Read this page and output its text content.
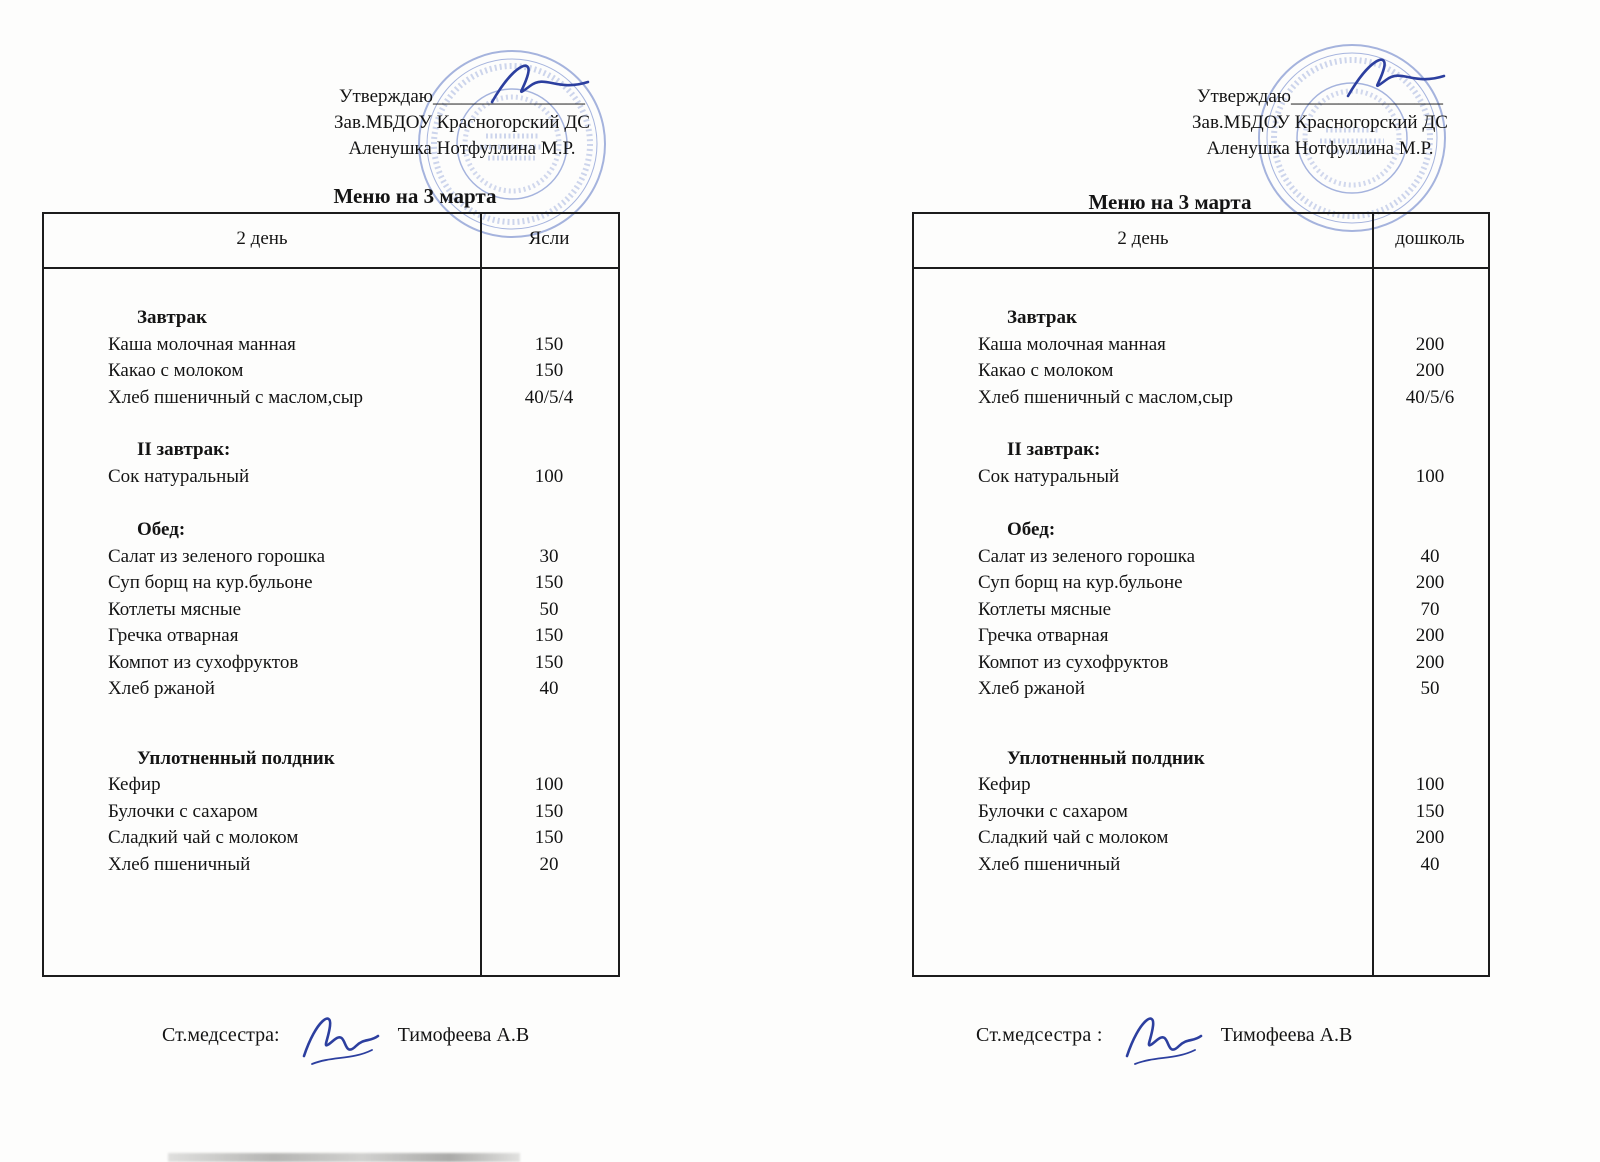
Утверждаю________________
Зав.МБДОУ Красногорский ДС
Аленушка Нотфуллина М.Р.
Меню на 3 марта
2 день	Ясли
Завтрак
Каша молочная манная	150
Какао с молоком	150
Хлеб пшеничный с маслом,сыр	40/5/4
II завтрак:
Сок натуральный	100
Обед:
Салат из зеленого горошка	30
Суп борщ на кур.бульоне	150
Котлеты мясные	50
Гречка отварная	150
Компот из сухофруктов	150
Хлеб ржаной	40
Уплотненный полдник
Кефир	100
Булочки с сахаром	150
Сладкий чай с молоком	150
Хлеб пшеничный	20
Ст.медсестра:	Тимофеева А.В
Утверждаю________________
Зав.МБДОУ Красногорский ДС
Аленушка Нотфуллина М.Р.
Меню на 3 марта
2 день	дошколь
Завтрак
Каша молочная манная	200
Какао с молоком	200
Хлеб пшеничный с маслом,сыр	40/5/6
II завтрак:
Сок натуральный	100
Обед:
Салат из зеленого горошка	40
Суп борщ на кур.бульоне	200
Котлеты мясные	70
Гречка отварная	200
Компот из сухофруктов	200
Хлеб ржаной	50
Уплотненный полдник
Кефир	100
Булочки с сахаром	150
Сладкий чай с молоком	200
Хлеб пшеничный	40
Ст.медсестра :	Тимофеева А.В
